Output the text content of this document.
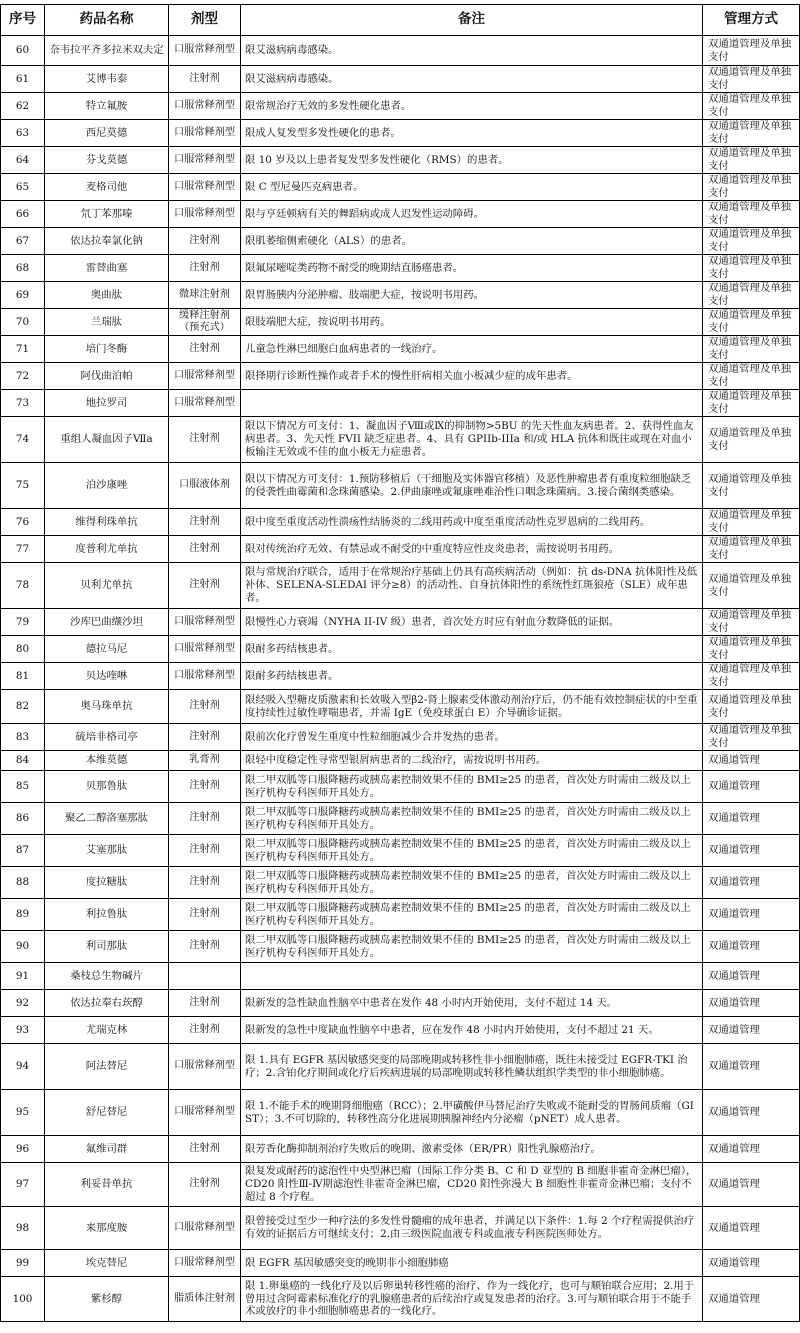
序号	药品名称	剂型	备注	管理方式
60	奈韦拉平齐多拉米双夫定	口服常释剂型	限艾滋病病毒感染。	双通道管理及单独支付
61	艾博韦泰	注射剂	限艾滋病病毒感染。	双通道管理及单独支付
62	特立氟胺	口服常释剂型	限常规治疗无效的多发性硬化患者。	双通道管理及单独支付
63	西尼莫德	口服常释剂型	限成人复发型多发性硬化的患者。	双通道管理及单独支付
64	芬戈莫德	口服常释剂型	限 10 岁及以上患者复发型多发性硬化（RMS）的患者。	双通道管理及单独支付
65	麦格司他	口服常释剂型	限 C 型尼曼匹克病患者。	双通道管理及单独支付
66	氘丁苯那嗪	口服常释剂型	限与亨廷顿病有关的舞蹈病或成人迟发性运动障碍。	双通道管理及单独支付
67	依达拉奉氯化钠	注射剂	限肌萎缩侧索硬化（ALS）的患者。	双通道管理及单独支付
68	雷替曲塞	注射剂	限氟尿嘧啶类药物不耐受的晚期结直肠癌患者。	双通道管理及单独支付
69	奥曲肽	微球注射剂	限胃肠胰内分泌肿瘤、肢端肥大症，按说明书用药。	双通道管理及单独支付
70	兰瑞肽	缓释注射剂（预充式）	限肢端肥大症，按说明书用药。	双通道管理及单独支付
71	培门冬酶	注射剂	儿童急性淋巴细胞白血病患者的一线治疗。	双通道管理及单独支付
72	阿伐曲泊帕	口服常释剂型	限择期行诊断性操作或者手术的慢性肝病相关血小板减少症的成年患者。	双通道管理及单独支付
73	地拉罗司	口服常释剂型		双通道管理及单独支付
74	重组人凝血因子Ⅶa	注射剂	限以下情况方可支付：1、凝血因子Ⅷ或Ⅸ的抑制物>5BU 的先天性血友病患者。2、获得性血友病患者。3、先天性 FVII 缺乏症患者。4、具有 GPIIb-IIIa 和/或 HLA 抗体和既往或现在对血小板输注无效或不佳的血小板无力症患者。	双通道管理及单独支付
75	泊沙康唑	口服液体剂	限以下情况方可支付：1.预防移植后（干细胞及实体器官移植）及恶性肿瘤患者有重度粒细胞缺乏的侵袭性曲霉菌和念珠菌感染。2.伊曲康唑或氟康唑难治性口咽念珠菌病。3.接合菌纲类感染。	双通道管理及单独支付
76	维得利珠单抗	注射剂	限中度至重度活动性溃疡性结肠炎的二线用药或中度至重度活动性克罗恩病的二线用药。	双通道管理及单独支付
77	度普利尤单抗	注射剂	限对传统治疗无效、有禁忌或不耐受的中重度特应性皮炎患者，需按说明书用药。	双通道管理及单独支付
78	贝利尤单抗	注射剂	限与常规治疗联合，适用于在常规治疗基础上仍具有高疾病活动（例如：抗 ds-DNA 抗体阳性及低补体、SELENA-SLEDAI 评分≥8）的活动性、自身抗体阳性的系统性红斑狼疮（SLE）成年患者。	双通道管理及单独支付
79	沙库巴曲缬沙坦	口服常释剂型	限慢性心力衰竭（NYHA II-IV 级）患者，首次处方时应有射血分数降低的证据。	双通道管理及单独支付
80	德拉马尼	口服常释剂型	限耐多药结核患者。	双通道管理及单独支付
81	贝达喹啉	口服常释剂型	限耐多药结核患者。	双通道管理及单独支付
82	奥马珠单抗	注射剂	限经吸入型糖皮质激素和长效吸入型β2-肾上腺素受体激动剂治疗后，仍不能有效控制症状的中至重度持续性过敏性哮喘患者，并需 IgE（免疫球蛋白 E）介导确诊证据。	双通道管理及单独支付
83	硫培非格司亭	注射剂	限前次化疗曾发生重度中性粒细胞减少合并发热的患者。	双通道管理及单独支付
84	本维莫德	乳膏剂	限轻中度稳定性寻常型银屑病患者的二线治疗，需按说明书用药。	双通道管理
85	贝那鲁肽	注射剂	限二甲双胍等口服降糖药或胰岛素控制效果不佳的 BMI≥25 的患者，首次处方时需由二级及以上医疗机构专科医师开具处方。	双通道管理
86	聚乙二醇洛塞那肽	注射剂	限二甲双胍等口服降糖药或胰岛素控制效果不佳的 BMI≥25 的患者，首次处方时需由二级及以上医疗机构专科医师开具处方。	双通道管理
87	艾塞那肽	注射剂	限二甲双胍等口服降糖药或胰岛素控制效果不佳的 BMI≥25 的患者，首次处方时需由二级及以上医疗机构专科医师开具处方。	双通道管理
88	度拉糖肽	注射剂	限二甲双胍等口服降糖药或胰岛素控制效果不佳的 BMI≥25 的患者，首次处方时需由二级及以上医疗机构专科医师开具处方。	双通道管理
89	利拉鲁肽	注射剂	限二甲双胍等口服降糖药或胰岛素控制效果不佳的 BMI≥25 的患者，首次处方时需由二级及以上医疗机构专科医师开具处方。	双通道管理
90	利司那肽	注射剂	限二甲双胍等口服降糖药或胰岛素控制效果不佳的 BMI≥25 的患者，首次处方时需由二级及以上医疗机构专科医师开具处方。	双通道管理
91	桑枝总生物碱片			双通道管理
92	依达拉奉右莰醇	注射剂	限新发的急性缺血性脑卒中患者在发作 48 小时内开始使用，支付不超过 14 天。	双通道管理
93	尤瑞克林	注射剂	限新发的急性中度缺血性脑卒中患者，应在发作 48 小时内开始使用，支付不超过 21 天。	双通道管理
94	阿法替尼	口服常释剂型	限 1.具有 EGFR 基因敏感突变的局部晚期或转移性非小细胞肺癌，既往未接受过 EGFR-TKI 治疗；2.含铂化疗期间或化疗后疾病进展的局部晚期或转移性鳞状组织学类型的非小细胞肺癌。	双通道管理
95	舒尼替尼	口服常释剂型	限 1.不能手术的晚期肾细胞癌（RCC）；2.甲磺酸伊马替尼治疗失败或不能耐受的胃肠间质瘤（GIST）；3.不可切除的，转移性高分化进展期胰腺神经内分泌瘤（pNET）成人患者。	双通道管理
96	氟维司群	注射剂	限芳香化酶抑制剂治疗失败后的晚期、激素受体（ER/PR）阳性乳腺癌治疗。	双通道管理
97	利妥昔单抗	注射剂	限复发或耐药的滤泡性中央型淋巴瘤（国际工作分类 B、C 和 D 亚型的 B 细胞非霍奇金淋巴瘤），CD20 阳性Ⅲ-Ⅳ期滤泡性非霍奇金淋巴瘤，CD20 阳性弥漫大 B 细胞性非霍奇金淋巴瘤；支付不超过 8 个疗程。	双通道管理
98	来那度胺	口服常释剂型	限曾接受过至少一种疗法的多发性骨髓瘤的成年患者，并满足以下条件：1.每 2 个疗程需提供治疗有效的证据后方可继续支付；2.由三级医院血液专科或血液专科医院医师处方。	双通道管理
99	埃克替尼	口服常释剂型	限 EGFR 基因敏感突变的晚期非小细胞肺癌	双通道管理
100	紫杉醇	脂质体注射剂	限 1.卵巢癌的一线化疗及以后卵巢转移性癌的治疗、作为一线化疗，也可与顺铂联合应用；2.用于曾用过含阿霉素标准化疗的乳腺癌患者的后续治疗或复发患者的治疗。3.可与顺铂联合用于不能手术或放疗的非小细胞肺癌患者的一线化疗。	双通道管理
